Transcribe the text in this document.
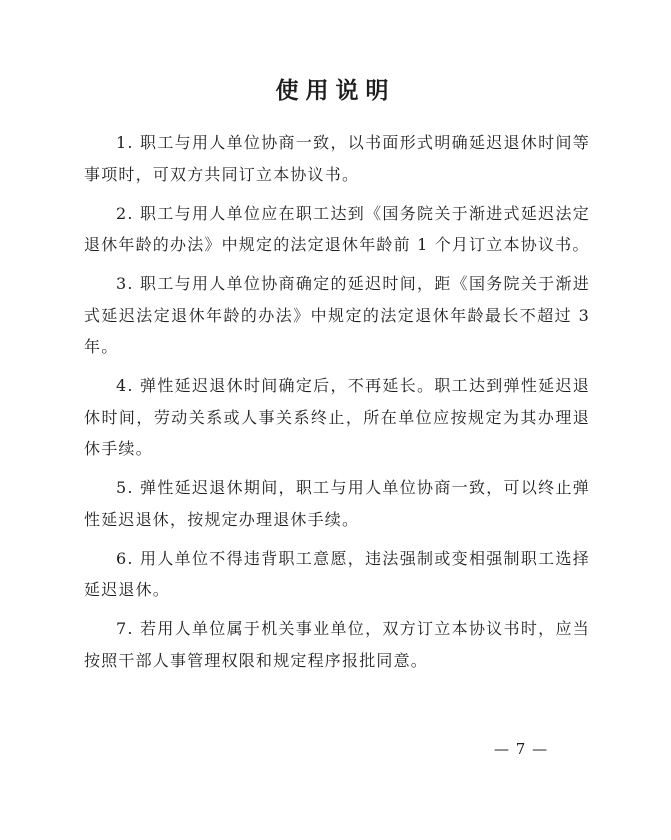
使用说明

1. 职工与用人单位协商一致，以书面形式明确延迟退休时间等事项时，可双方共同订立本协议书。

2. 职工与用人单位应在职工达到《国务院关于渐进式延迟法定退休年龄的办法》中规定的法定退休年龄前 1 个月订立本协议书。

3. 职工与用人单位协商确定的延迟时间，距《国务院关于渐进式延迟法定退休年龄的办法》中规定的法定退休年龄最长不超过 3 年。

4. 弹性延迟退休时间确定后，不再延长。职工达到弹性延迟退休时间，劳动关系或人事关系终止，所在单位应按规定为其办理退休手续。

5. 弹性延迟退休期间，职工与用人单位协商一致，可以终止弹性延迟退休，按规定办理退休手续。

6. 用人单位不得违背职工意愿，违法强制或变相强制职工选择延迟退休。

7. 若用人单位属于机关事业单位，双方订立本协议书时，应当按照干部人事管理权限和规定程序报批同意。

— 7 —
